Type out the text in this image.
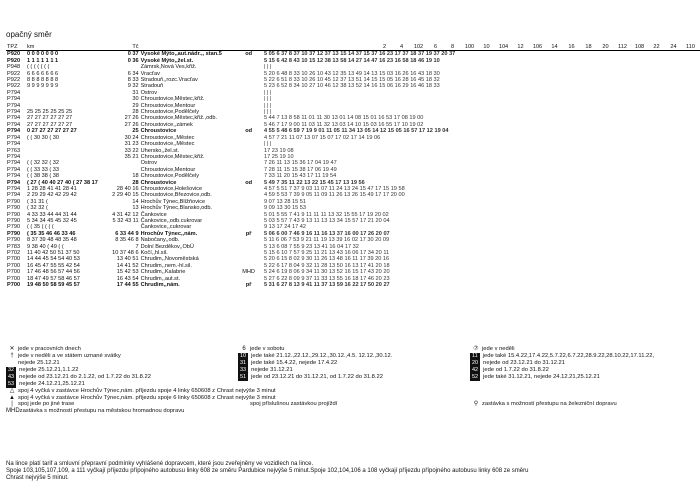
opačný směr
TPZ	km	Tč			2 4 102 6 8 100 10 104 12 106 14 16 18 20 112 108 22 24 110
P920	0 0 0 0 0 0 0	0 37	Vysoké Mýto,,aut.nádr.,, stan.5	od	5 05 6 37 8 37 10 37 12 37 13 15 14 37 15 37 16 23 17 37 18 37 19 37 20 37
P920	1 1 1 1 1 1 1	0 36	Vysoké Mýto,,žel.st.		5 15 6 42 8 43 10 15 12 38 13 58 14 27 14 47 16 23 16 58 18 46 19 10
P948	( ( ( ( ( ( (		Zámrsk,Nová Ves,křiž.		| | |
P922	6 6 6 6 6 6 6	6 34	Vracťav		5 20 6 48 8 33 10 26 10 43 12 35 13 49 14 13 15 03 16 26 16 43 18 30
P922	8 8 8 8 8 8 8	8 33	Stradouň,,rozc.Vracťav		5 22 6 51 8 33 10 26 10 45 12 37 13 51 14 15 15 05 16 28 16 45 18 32
P922	9 9 9 9 9 9 9	9 32	Stradouň		5 23 6 52 8 34 10 27 10 46 12 38 13 52 14 16 15 06 16 29 16 46 18 33
P794		31	Ostrov		| | |
P794		30	Chroustovice,Městec,křiž.		| | |
P794		29	Chroustovice,Mentour		| | |
P794	25 25 25 25 25 25	28	Chroustovice,Podělčely		| | |
P794	27 27 27 27 27 27	27 26	Chroustovice,Městec,křiž.,odb.		5 44 7 13 8 58 11 01 11 30 13 01 14 08 15 01 16 53 17 08 19 00
P794	27 27 27 27 27 27	27 26	Chroustovice,,zámek		5 46 7 17 9 00 11 03 11 32 13 03 14 10 15 03 16 55 17 10 19 02
P794	0 27 27 27 27 27 27	25	Chroustovice	od	4 55 5 48 6 59 7 19 9 01 11 05 11 34 13 05 14 12 15 05 16 57 17 12 19 04
P794	( ( 30 30 ( 30	30 24	Chroustovice,,Městec		4 57 7 21 11 07 13 07 15 07 17 02 17 14 19 06
P794		31 23	Chroustovice,,Městec		| | |
P763		33 22	Uhersko,,žel.st.		17 23 19 08
P794		35 21	Chroustovice,Městec,křiž.		17 25 19 10
P794	( ( 32 32 ( 32		Ostrov		7 26 11 13 15 36 17 04 19 47
P794	( ( 33 33 ( 33		Chroustovice,Mentour		7 28 11 15 15 38 17 06 19 49
P794	( ( 38 38 ( 38	18	Chroustovice,Podělčely		7 33 11 20 15 43 17 11 19 54
P794	( 27 ( 40 40 27 40 ( 27 38 17	28	Chroustovice	od	5 49 7 35 11 22 13 22 15 45 17 13 19 56
P794	1 28 28 41 41 28 41	28 40 16	Chroustovice,Holešovice		4 57 5 51 7 37 9 03 11 07 11 24 13 24 15 47 17 15 19 58
P794	2 29 29 42 42 29 42	2 29 40 15	Chroustovice,Březovice,odb.		4 59 5 53 7 39 9 05 11 09 11 26 13 26 15 49 17 17 20 00
P790	( 31 31 (	14	Hrochův Týnec,Blížňovice		9 07 13 28 15 51
P790	( 32 32 (	13	Hrochův Týnec,Blansko,odb.		9 09 13 30 15 53
P790	4 33 33 44 44 31 44	4 31 42 12	Čankovice		5 01 5 55 7 41 9 11 11 11 13 32 15 55 17 19 20 02
P790	5 34 34 45 45 32 45	5 32 43 11	Čankovice,,odb.cukrovar		5 03 5 57 7 43 9 13 11 13 13 34 15 57 17 21 20 04
P790	( ( 35 ( ( ( (		Čankovice,,cukrovar		9 13 17 24 17 42
P790	( 35 35 46 46 33 46	6 33 44 9	Hrochův Týnec,,nám.	př	5 06 6 00 7 46 9 16 11 16 13 37 16 00 17 26 20 07
P790	8 37 39 48 48 35 48	8 35 46 8	Nabočany,,odb.		5 11 6 06 7 53 9 21 11 19 13 39 16 02 17 30 20 09
P783	9 38 40 ( 49 ( (	7	Dolní Bezděkov,,ObÚ		5 13 6 08 7 55 9 23 13 41 16 04 17 32
P702	11 40 42 50 51 37 50	10 37 48 6	Kočí,,hl.sil.		5 15 6 10 7 57 9 25 11 21 13 43 16 06 17 34 20 11
P700	14 44 45 54 54 40 53	13 40 51	Chrudim,,Novoměstská		5 20 6 15 8 02 9 30 11 26 13 48 16 11 17 39 20 16
P700	16 45 47 55 55 42 54	14 41 52	Chrudim,,nem.-hl.sil.		5 22 6 17 8 04 9 32 11 28 13 50 16 13 17 41 20 18
P700	17 46 48 56 57 44 56	15 42 53	Chrudim,,Kalabrie	MHD	5 24 6 19 8 06 9 34 11 30 13 52 16 15 17 43 20 20
P700	18 47 49 57 58 46 57	16 43 54	Chrudim,,aut.st.		5 27 6 22 8 09 9 37 11 33 13 55 16 18 17 46 20 23
P700	19 48 50 58 59 45 57	17 44 55	Chrudim,,nám.	př	5 31 6 27 8 13 9 41 11 37 13 59 16 22 17 50 20 27
✕ jede v pracovních dnech	6 jede v sobotu	⑦ jede v neděli
† jede v neděli a ve státem uznané svátky	10 jede také 21.12.,22.12.,29.12.,30.12.,4.5. 12.12.,30.12.	11 jede také 15.4.22,17.4.22,5.7.22,6.7.22,28.9.22,28.10.22,17.11.22,
nejede 25.12.21	31 jede také 15.4.22, nejede 17.4.22	20 nejede od 23.12.21 do 31.12.21
32 nejede 25.12.21,1.1.22	33 nejede 31.12.21	42 jede od 1.7.22 do 31.8.22
43 nejede od 23.12.21 do 2.1.22, od 1.7.22 do 31.8.22	51 jede od 23.12.21 do 31.12.21, od 1.7.22 do 31.8.22	52 jede také 31.12.21, nejede 24.12.21,25.12.21
53 nejede 24.12.21,25.12.21
△ spoj 4 vyčká v zastávce Hrochův Týnec,nám. příjezdu spoje 4 linky 650608 z Chrast nejvýše 3 minut
▲ spoj 4 vyčká v zastávce Hrochův Týnec,nám. příjezdu spoje 6 linky 650608 z Chrast nejvýše 3 minut
| spoj jede po jiné trase	spoj příslušnou zastávkou projíždí	⚲ zastávka s možností přestupu na železniční dopravu
MHD zastávka s možností přestupu na městskou hromadnou dopravu
Na lince platí tarif a smluvní přepravní podmínky vyhlášené dopravcem, které jsou zveřejněny ve vozidlech na lince.
Spoje 103,105,107,109, a 111 vyčkají příjezdu přípojného autobusu linky 608 ze směru Pardubice nejvýše 5 minut.Spoje 102,104,106 a 108 vyčkají příjezdu přípojného autobusu linky 608 ze směru
Chrast nejvýše 5 minut.
